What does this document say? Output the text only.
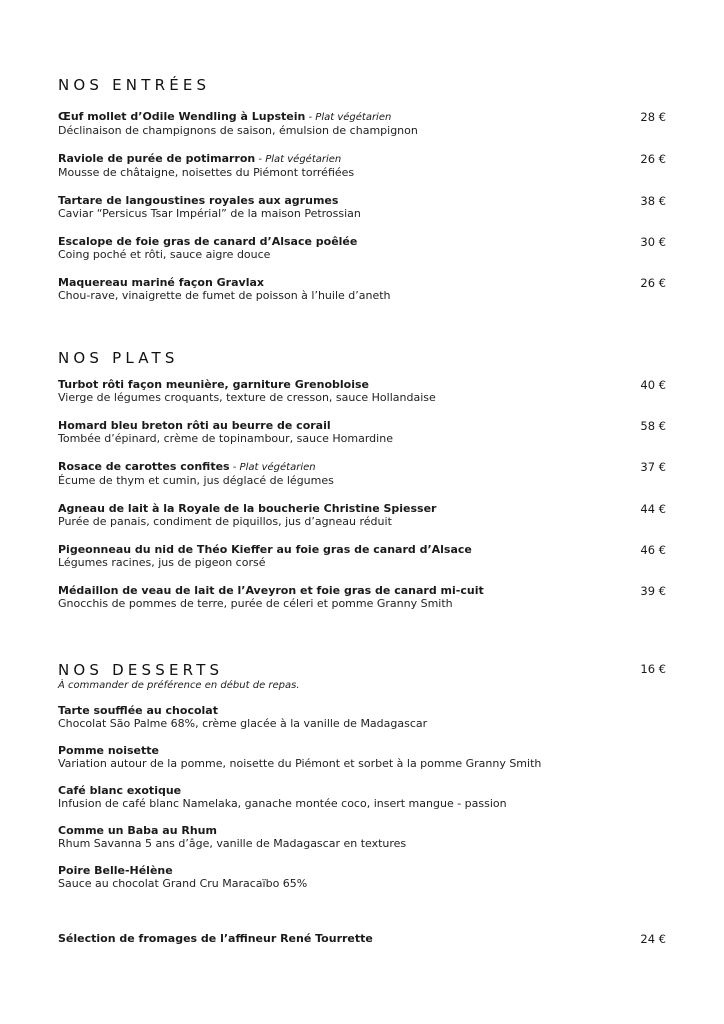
NOS ENTRÉES
Œuf mollet d’Odile Wendling à Lupstein - Plat végétarien
Déclinaison de champignons de saison, émulsion de champignon
28 €
Raviole de purée de potimarron - Plat végétarien
Mousse de châtaigne, noisettes du Piémont torréfiées
26 €
Tartare de langoustines royales aux agrumes
Caviar “Persicus Tsar Impérial” de la maison Petrossian
38 €
Escalope de foie gras de canard d’Alsace poêlée
Coing poché et rôti, sauce aigre douce
30 €
Maquereau mariné façon Gravlax
Chou-rave, vinaigrette de fumet de poisson à l’huile d’aneth
26 €
NOS PLATS
Turbot rôti façon meunière, garniture Grenobloise
Vierge de légumes croquants, texture de cresson, sauce Hollandaise
40 €
Homard bleu breton rôti au beurre de corail
Tombée d’épinard, crème de topinambour, sauce Homardine
58 €
Rosace de carottes confites - Plat végétarien
Écume de thym et cumin, jus déglacé de légumes
37 €
Agneau de lait à la Royale de la boucherie Christine Spiesser
Purée de panais, condiment de piquillos, jus d’agneau réduit
44 €
Pigeonneau du nid de Théo Kieffer au foie gras de canard d’Alsace
Légumes racines, jus de pigeon corsé
46 €
Médaillon de veau de lait de l’Aveyron et foie gras de canard mi-cuit
Gnocchis de pommes de terre, purée de céleri et pomme Granny Smith
39 €
NOS DESSERTS	16 €
À commander de préférence en début de repas.
Tarte soufflée au chocolat
Chocolat São Palme 68%, crème glacée à la vanille de Madagascar
Pomme noisette
Variation autour de la pomme, noisette du Piémont et sorbet à la pomme Granny Smith
Café blanc exotique
Infusion de café blanc Namelaka, ganache montée coco, insert mangue - passion
Comme un Baba au Rhum
Rhum Savanna 5 ans d’âge, vanille de Madagascar en textures
Poire Belle-Hélène
Sauce au chocolat Grand Cru Maracaïbo 65%
Sélection de fromages de l’affineur René Tourrette	24 €
